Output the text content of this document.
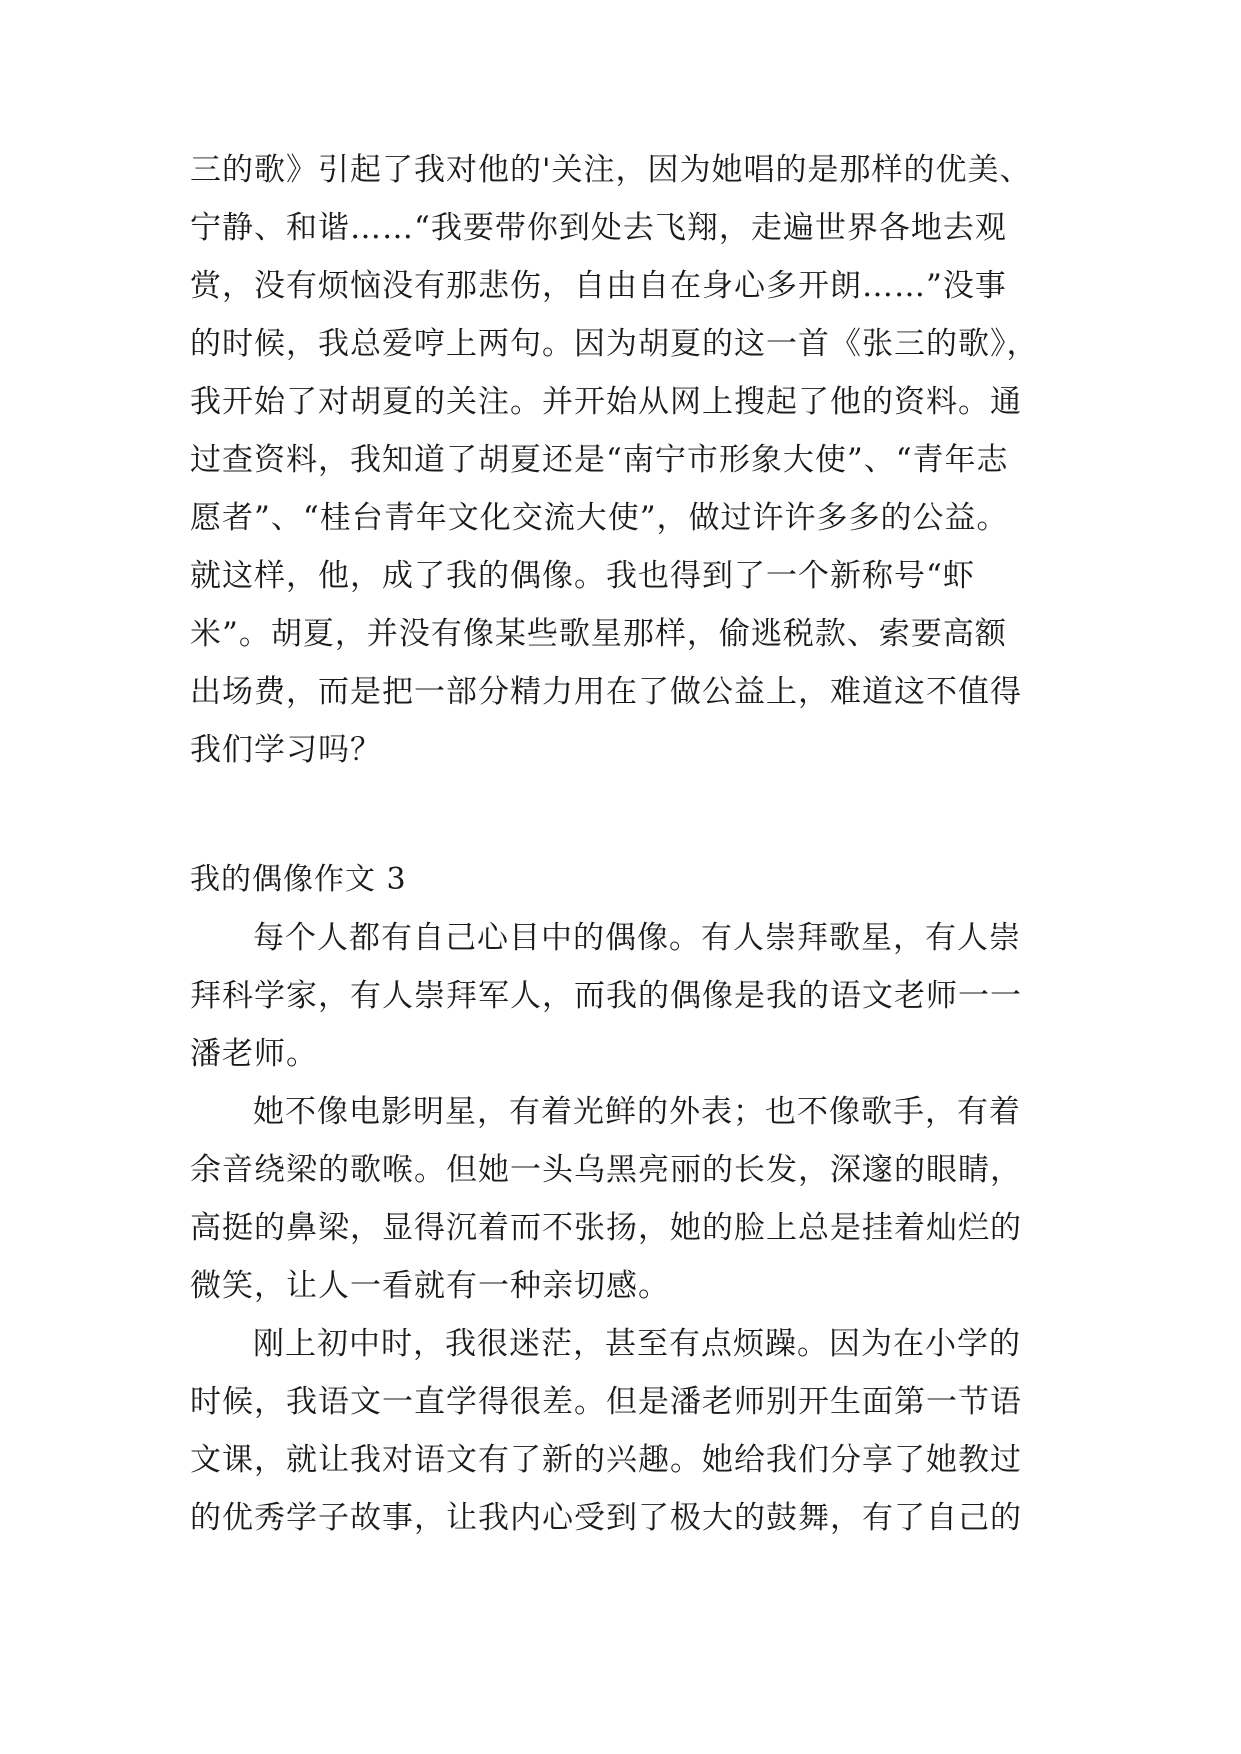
三的歌》引起了我对他的'关注，因为她唱的是那样的优美、
宁静、和谐……“我要带你到处去飞翔，走遍世界各地去观
赏，没有烦恼没有那悲伤，自由自在身心多开朗……”没事
的时候，我总爱哼上两句。因为胡夏的这一首《张三的歌》，
我开始了对胡夏的关注。并开始从网上搜起了他的资料。通
过查资料，我知道了胡夏还是“南宁市形象大使”、“青年志
愿者”、“桂台青年文化交流大使”，做过许许多多的公益。
就这样，他，成了我的偶像。我也得到了一个新称号“虾
米”。胡夏，并没有像某些歌星那样，偷逃税款、索要高额
出场费，而是把一部分精力用在了做公益上，难道这不值得
我们学习吗？
我的偶像作文 3
每个人都有自己心目中的偶像。有人崇拜歌星，有人崇
拜科学家，有人崇拜军人，而我的偶像是我的语文老师一一
潘老师。
她不像电影明星，有着光鲜的外表；也不像歌手，有着
余音绕梁的歌喉。但她一头乌黑亮丽的长发，深邃的眼睛，
高挺的鼻梁，显得沉着而不张扬，她的脸上总是挂着灿烂的
微笑，让人一看就有一种亲切感。
刚上初中时，我很迷茫，甚至有点烦躁。因为在小学的
时候，我语文一直学得很差。但是潘老师别开生面第一节语
文课，就让我对语文有了新的兴趣。她给我们分享了她教过
的优秀学子故事，让我内心受到了极大的鼓舞，有了自己的
